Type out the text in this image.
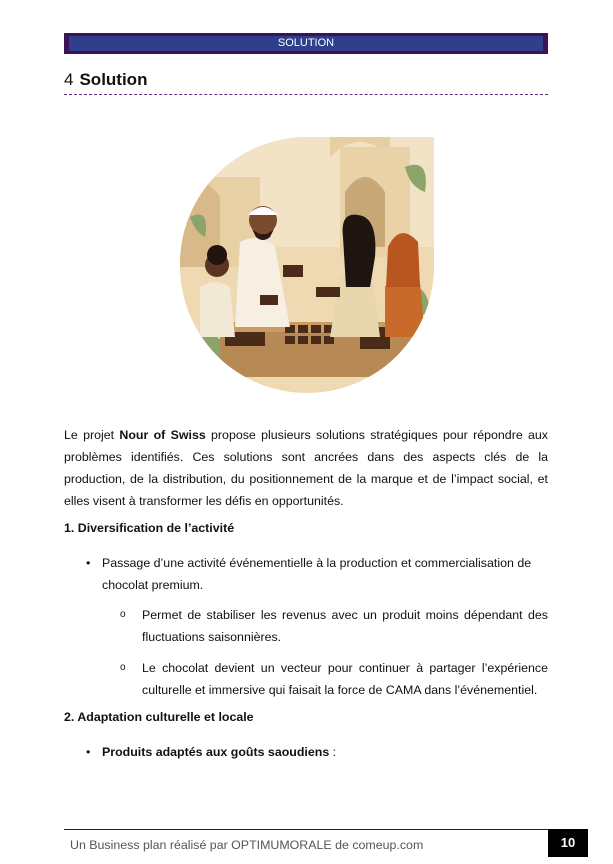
SOLUTION
4 Solution
Le projet Nour of Swiss propose plusieurs solutions stratégiques pour répondre aux problèmes identifiés. Ces solutions sont ancrées dans des aspects clés de la production, de la distribution, du positionnement de la marque et de l’impact social, et elles visent à transformer les défis en opportunités.
1. Diversification de l’activité
• Passage d’une activité événementielle à la production et commercialisation de chocolat premium.
o Permet de stabiliser les revenus avec un produit moins dépendant des fluctuations saisonnières.
o Le chocolat devient un vecteur pour continuer à partager l’expérience culturelle et immersive qui faisait la force de CAMA dans l’événementiel.
2. Adaptation culturelle et locale
• Produits adaptés aux goûts saoudiens :
Un Business plan réalisé par OPTIMUMORALE de comeup.com	10
